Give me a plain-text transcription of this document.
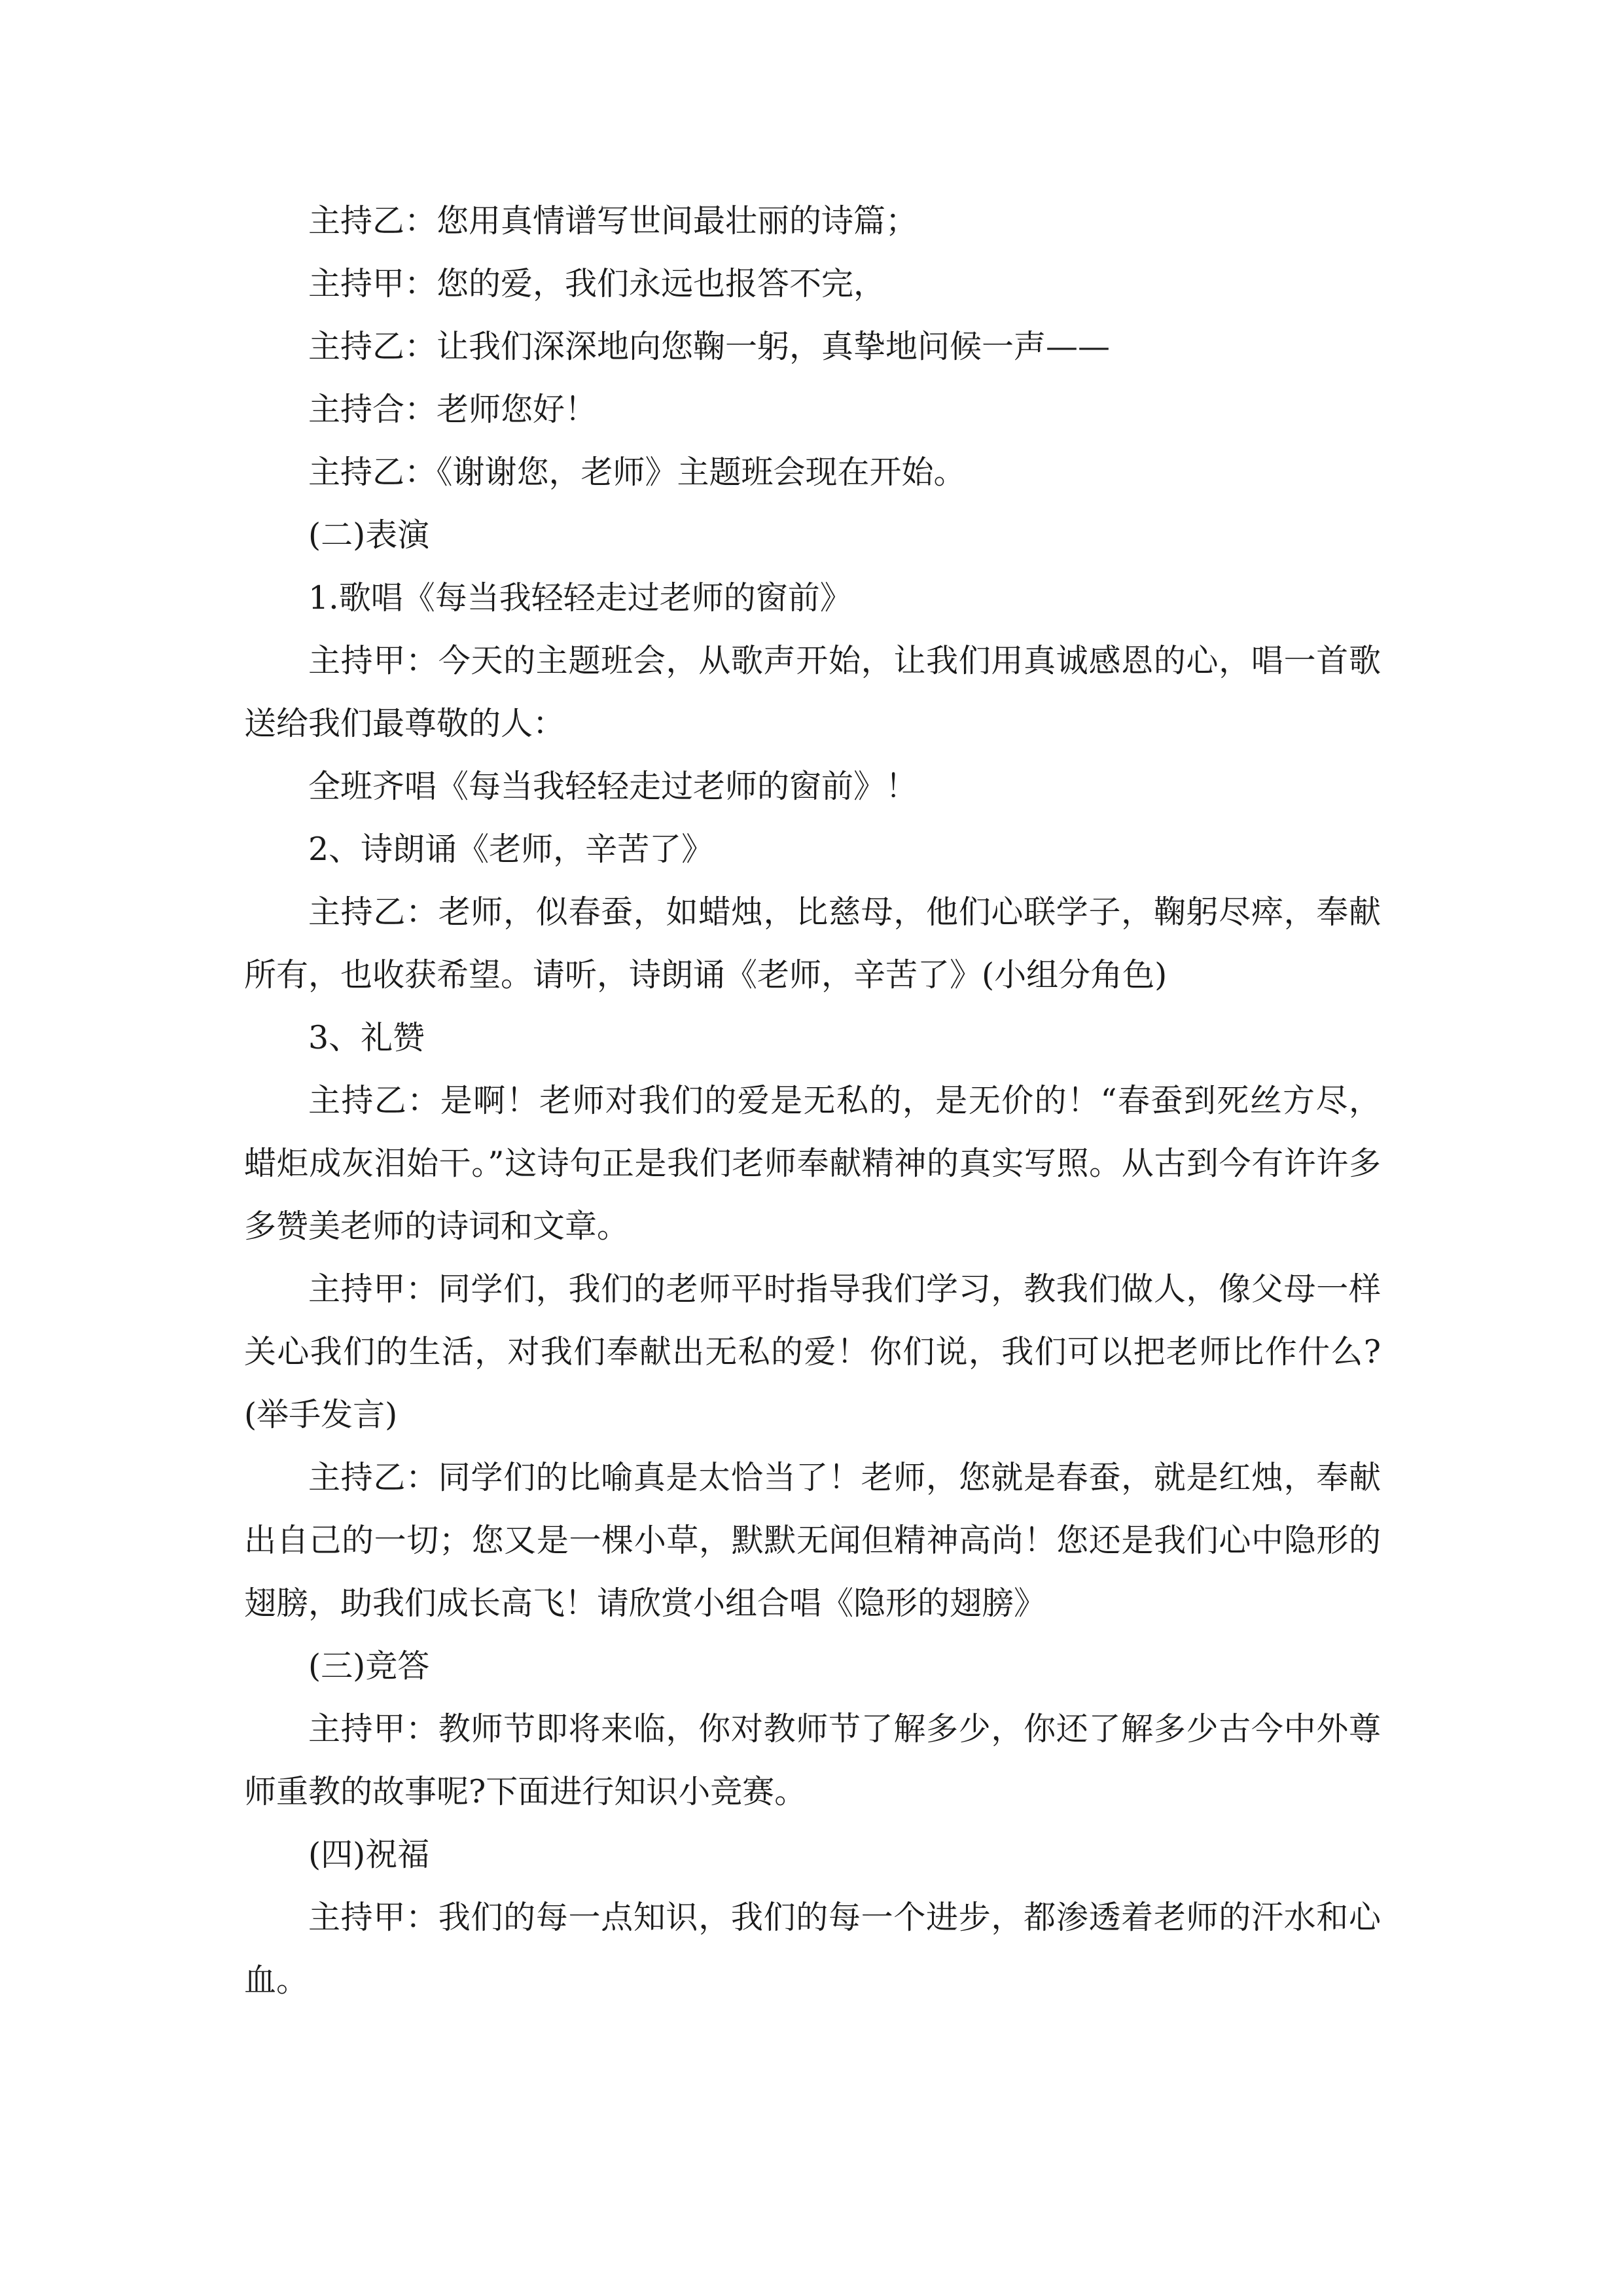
主持乙：您用真情谱写世间最壮丽的诗篇；

主持甲：您的爱，我们永远也报答不完，

主持乙：让我们深深地向您鞠一躬，真挚地问候一声——

主持合：老师您好！

主持乙：《谢谢您，老师》主题班会现在开始。

(二)表演

1.歌唱《每当我轻轻走过老师的窗前》

主持甲：今天的主题班会，从歌声开始，让我们用真诚感恩的心，唱一首歌送给我们最尊敬的人：

全班齐唱《每当我轻轻走过老师的窗前》！

2、诗朗诵《老师，辛苦了》

主持乙：老师，似春蚕，如蜡烛，比慈母，他们心联学子，鞠躬尽瘁，奉献所有，也收获希望。请听，诗朗诵《老师，辛苦了》(小组分角色)

3、礼赞

主持乙：是啊！老师对我们的爱是无私的，是无价的！“春蚕到死丝方尽，蜡炬成灰泪始干。”这诗句正是我们老师奉献精神的真实写照。从古到今有许许多多赞美老师的诗词和文章。

主持甲：同学们，我们的老师平时指导我们学习，教我们做人，像父母一样关心我们的生活，对我们奉献出无私的爱！你们说，我们可以把老师比作什么?(举手发言)

主持乙：同学们的比喻真是太恰当了！老师，您就是春蚕，就是红烛，奉献出自己的一切；您又是一棵小草，默默无闻但精神高尚！您还是我们心中隐形的翅膀，助我们成长高飞！请欣赏小组合唱《隐形的翅膀》

(三)竞答

主持甲：教师节即将来临，你对教师节了解多少，你还了解多少古今中外尊师重教的故事呢?下面进行知识小竞赛。

(四)祝福

主持甲：我们的每一点知识，我们的每一个进步，都渗透着老师的汗水和心血。
